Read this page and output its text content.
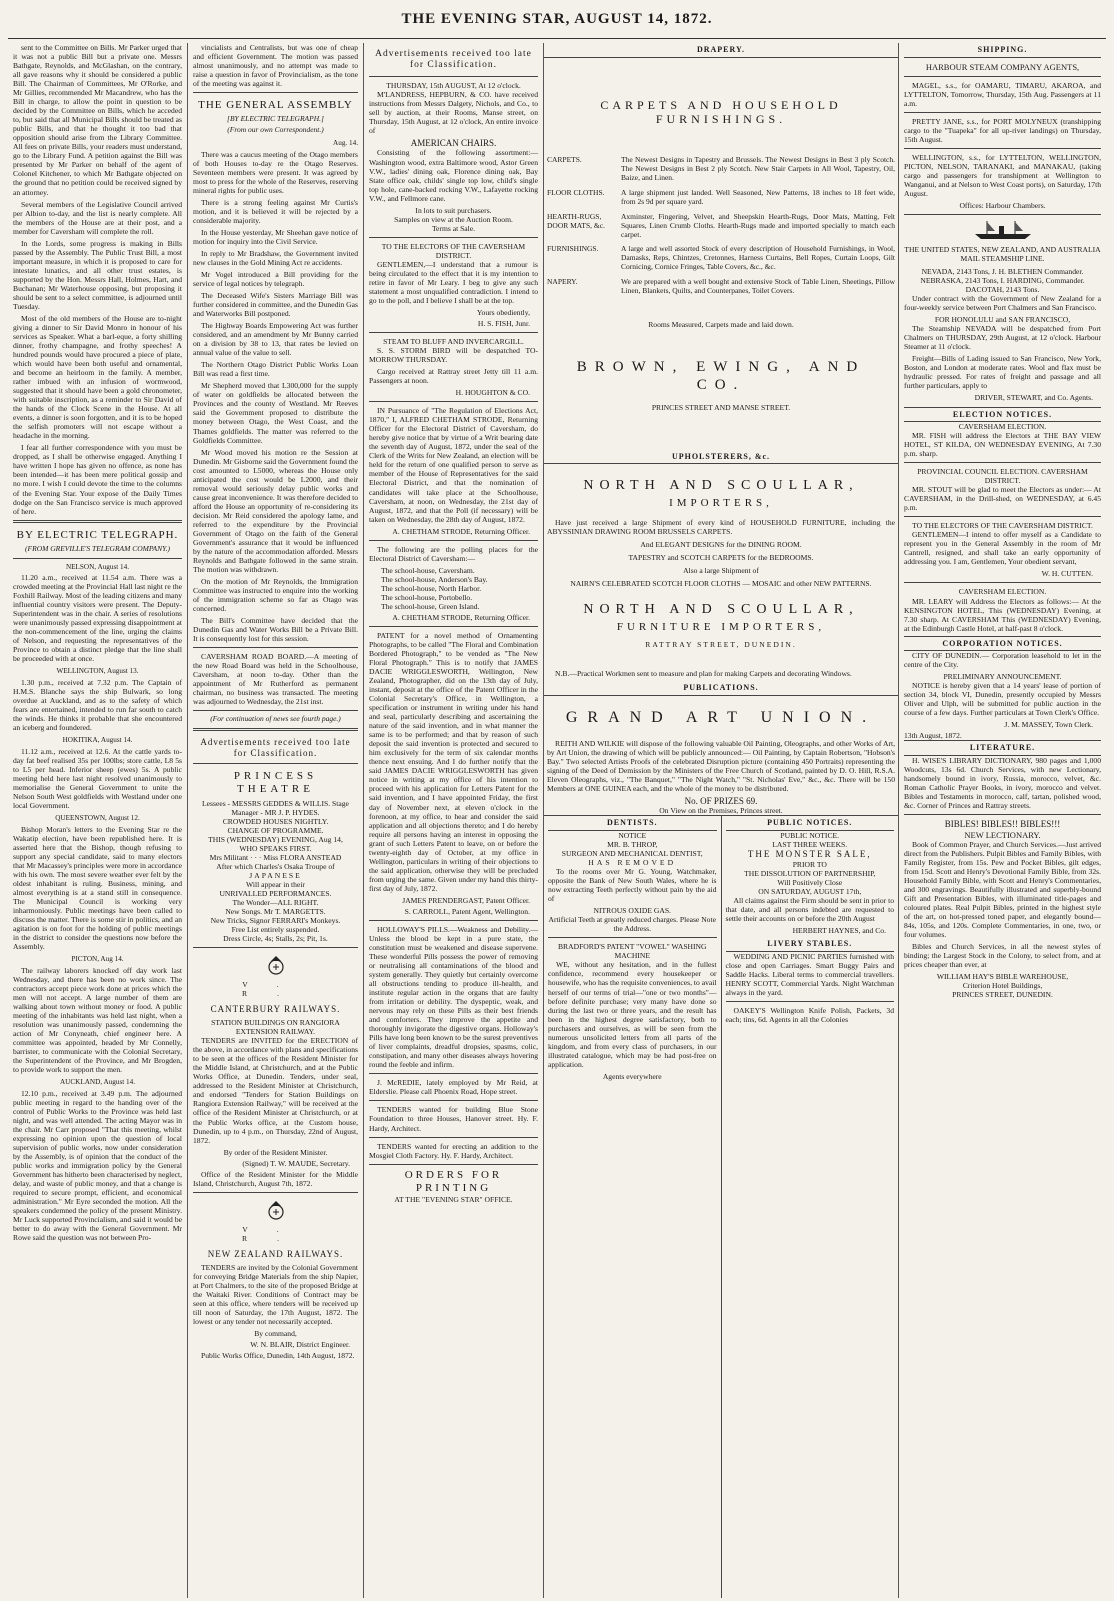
THE EVENING STAR, AUGUST 14, 1872.

sent to the Committee on Bills. Mr Parker urged that it was not a public Bill but a private one. Messrs Bathgate, Reynolds, and McGlashan, on the contrary, all gave reasons why it should be considered a public Bill. The Chairman of Committees, Mr O'Rorke, and Mr Gillies, recommended Mr Macandrew, who has the Bill in charge, to allow the point in question to be decided by the Committee on Bills, which he acceded to, but said that all Municipal Bills should be treated as public Bills, and that he thought it too bad that opposition should arise from the Library Committee. All fees on private Bills, your readers must understand, go to the Library Fund. A petition against the Bill was presented by Mr Parker on behalf of the agent of Colonel Kitchener, to which Mr Bathgate objected on the ground that no petition could be received signed by an attorney.

Several members of the Legislative Council arrived per Albion to-day, and the list is nearly complete. All the members of the House are at their post, and a member for Caversham will complete the roll.

In the Lords, some progress is making in Bills passed by the Assembly. The Public Trust Bill, a most important measure, in which it is proposed to care for intestate lunatics, and all other trust estates, is supported by the Hon. Messrs Hall, Holmes, Hart, and Buchanan; Mr Waterhouse opposing, but proposing it should be sent to a select committee, is adjourned until Tuesday.

Most of the old members of the House are to-night giving a dinner to Sir David Monro in honour of his services as Speaker. What a barl-eque, a forty shilling dinner, frothy champagne, and frothy speeches! A hundred pounds would have procured a piece of plate, which would have been both useful and ornamental, and become an heirloom in the family. A member, rather imbued with an infusion of wormwood, suggested that it should have been a gold chronometer, with suitable inscription, as a reminder to Sir David of the hands of the Clock Scene in the House. At all events, a dinner is soon forgotten, and it is to be hoped the selfish promoters will not escape without a headache in the morning.

I fear all further correspondence with you must be dropped, as I shall be otherwise engaged. Anything I have written I hope has given no offence, as none has been intended—it has been mere political gossip and no more. I wish I could devote the time to the columns of the Evening Star. Your expose of the Daily Times dodge on the San Francisco service is much approved of here.

BY ELECTRIC TELEGRAPH.
(FROM GREVILLE'S TELEGRAM COMPANY.)
NELSON, August 14.

11.20 a.m., received at 11.54 a.m. There was a crowded meeting at the Provincial Hall last night re the Foxhill Railway. Most of the leading citizens and many influential country visitors were present. The Deputy-Superintendent was in the chair. A series of resolutions were unanimously passed expressing disappointment at the non-commencement of the line, urging the claims of Nelson, and requesting the representatives of the Province to obtain a distinct pledge that the line shall be proceeded with at once.

WELLINGTON, August 13.

1.30 p.m., received at 7.32 p.m. The Captain of H.M.S. Blanche says the ship Bulwark, so long overdue at Auckland, and as to the safety of which fears are entertained, intended to run far south to catch the winds. He thinks it probable that she encountered an iceberg and foundered.

HOKITIKA, August 14.

11.12 a.m., received at 12.6. At the cattle yards to-day fat beef realised 35s per 100lbs; store cattle, L8 5s to L5 per head. Inferior sheep (ewes) 5s. A public meeting held here last night resolved unanimously to memorialise the General Government to unite the Nelson South West goldfields with Westland under one local Government.

QUEENSTOWN, August 12.

Bishop Moran's letters to the Evening Star re the Wakatip election, have been republished here. It is asserted here that the Bishop, though refusing to support any special candidate, said to many electors that Mr Macassey's principles were more in accordance with his own. The most severe weather ever felt by the oldest inhabitant is ruling. Business, mining, and almost everything is at a stand still in consequence. The Municipal Council is working very inharmoniously. Public meetings have been called to discuss the matter. There is some stir in politics, and an agitation is on foot for the holding of public meetings in the district to consider the questions now before the Assembly.

PICTON, Aug 14.

The railway laborers knocked off day work last Wednesday, and there has been no work since. The contractors accept piece work done at prices which the men will not accept. A large number of them are walking about town without money or food. A public meeting of the inhabitants was held last night, when a resolution was unanimously passed, condemning the action of Mr Conyneath, chief engineer here. A committee was appointed, headed by Mr Connelly, barrister, to communicate with the Colonial Secretary, the Superintendent of the Province, and Mr Brogden, to provide work to support the men.

AUCKLAND, August 14.

12.10 p.m., received at 3.49 p.m. The adjourned public meeting in regard to the handing over of the control of Public Works to the Province was held last night, and was well attended. The acting Mayor was in the chair. Mr Carr proposed "That this meeting, whilst expressing no opinion upon the question of local supervision of public works, now under consideration by the Assembly, is of opinion that the conduct of the public works and immigration policy by the General Government has hitherto been characterised by neglect, delay, and waste of public money, and that a change is required to secure prompt, efficient, and economical administration." Mr Eyre seconded the motion. All the speakers condemned the policy of the present Ministry. Mr Luck supported Provincialism, and said it would be better to do away with the General Government. Mr Rowe said the question was not between Pro-

vincialists and Centralists, but was one of cheap and efficient Government. The motion was passed almost unanimously, and no attempt was made to raise a question in favor of Provincialism, as the tone of the meeting was against it.

THE GENERAL ASSEMBLY
[BY ELECTRIC TELEGRAPH.]
(From our own Correspondent.)
Aug. 14.

There was a caucus meeting of the Otago members of both Houses to-day re the Otago Reserves. Seventeen members were present. It was agreed by most to press for the whole of the Reserves, reserving mineral rights for public uses.

There is a strong feeling against Mr Curtis's motion, and it is believed it will be rejected by a considerable majority.

In the House yesterday, Mr Sheehan gave notice of motion for inquiry into the Civil Service.

In reply to Mr Bradshaw, the Government invited new clauses in the Gold Mining Act re accidents.

Mr Vogel introduced a Bill providing for the service of legal notices by telegraph.

The Deceased Wife's Sisters Marriage Bill was further considered in committee, and the Dunedin Gas and Waterworks Bill postponed.

The Highway Boards Empowering Act was further considered, and an amendment by Mr Bunny carried on a division by 38 to 13, that rates be levied on annual value of the value to sell.

The Northern Otago District Public Works Loan Bill was read a first time.

Mr Shepherd moved that L300,000 for the supply of water on goldfields be allocated between the Provinces and the county of Westland. Mr Reeves said the Government proposed to distribute the money between Otago, the West Coast, and the Thames goldfields. The matter was referred to the Goldfields Committee.

Mr Wood moved his motion re the Session at Dunedin. Mr Gisborne said the Government found the cost amounted to L5000, whereas the House only anticipated the cost would be L2000, and their removal would seriously delay public works and cause great inconvenience. It was therefore decided to afford the House an opportunity of re-considering its decision. Mr Reid considered the apology lame, and referred to the expenditure by the Provincial Government of Otago on the faith of the General Government's assurance that it would be influenced by the nature of the accommodation afforded. Messrs Reynolds and Bathgate followed in the same strain. The motion was withdrawn.

On the motion of Mr Reynolds, the Immigration Committee was instructed to enquire into the working of the immigration scheme so far as Otago was concerned.

The Bill's Committee have decided that the Dunedin Gas and Water Works Bill be a Private Bill. It is consequently lost for this session.

CAVERSHAM ROAD BOARD.—A meeting of the new Road Board was held in the Schoolhouse, Caversham, at noon to-day. Other than the appointment of Mr Rutherford as permanent chairman, no business was transacted. The meeting was adjourned to Wednesday, the 21st inst.

(For continuation of news see fourth page.)
Advertisements received too late for Classification.
PRINCESS THEATRE
Lessees - MESSRS GEDDES & WILLIS. Stage Manager - MR J. P. HYDES.
CROWDED HOUSES NIGHTLY.
CHANGE OF PROGRAMME.
THIS (WEDNESDAY) EVENING, Aug 14,
WHO SPEAKS FIRST.
Mrs Militant · · · Miss FLORA ANSTEAD
After which Charles's Osaka Troupe of
JAPANESE
Will appear in their
UNRIVALLED PERFORMANCES.
The Wonder—ALL RIGHT.
New Songs. Mr T. MARGETTS.
New Tricks, Signor FERRARI's Monkeys.
Free List entirely suspended.
Dress Circle, 4s; Stalls, 2s; Pit, 1s.
V. R.
CANTERBURY RAILWAYS.
STATION BUILDINGS ON RANGIORA EXTENSION RAILWAY.

TENDERS are INVITED for the ERECTION of the above, in accordance with plans and specifications to be seen at the offices of the Resident Minister for the Middle Island, at Christchurch, and at the Public Works Office, at Dunedin. Tenders, under seal, addressed to the Resident Minister at Christchurch, and endorsed "Tenders for Station Buildings on Rangiora Extension Railway," will be received at the office of the Resident Minister at Christchurch, or at the Public Works office, at the Custom house, Dunedin, up to 4 p.m., on Thursday, 22nd of August, 1872.

By order of the Resident Minister.
(Signed) T. W. MAUDE, Secretary.

Office of the Resident Minister for the Middle Island, Christchurch, August 7th, 1872.

V. R.
NEW ZEALAND RAILWAYS.

TENDERS are invited by the Colonial Government for conveying Bridge Materials from the ship Napier, at Port Chalmers, to the site of the proposed Bridge at the Waitaki River. Conditions of Contract may be seen at this office, where tenders will be received up till noon of Saturday, the 17th August, 1872. The lowest or any tender not necessarily accepted.

By command,
W. N. BLAIR, District Engineer.

Public Works Office, Dunedin, 14th August, 1872.

Advertisements received too late for Classification.
THURSDAY, 15th AUGUST, At 12 o'clock.

M'LANDRESS, HEPBURN, & CO. have received instructions from Messrs Dalgety, Nichols, and Co., to sell by auction, at their Rooms, Manse street, on Thursday, 15th August, at 12 o'clock, An entire invoice of

AMERICAN CHAIRS.

Consisting of the following assortment:— Washington wood, extra Baltimore wood, Astor Green V.W., ladies' dining oak, Florence dining oak, Bay State office oak, childs' single top low, child's single top hole, cane-backed rocking V.W., Lafayette rocking V.W., and Fellmore cane.

In lots to suit purchasers.
Samples on view at the Auction Room.
Terms at Sale.
TO THE ELECTORS OF THE CAVERSHAM DISTRICT.

GENTLEMEN,—I understand that a rumour is being circulated to the effect that it is my intention to retire in favor of Mr Leary. I beg to give any such statement a most unqualified contradiction. I intend to go to the poll, and I believe I shall be at the top.

Yours obediently,
H. S. FISH, Junr.
STEAM TO BLUFF AND INVERCARGILL.

S. S. STORM BIRD will be despatched TO-MORROW THURSDAY.

Cargo received at Rattray street Jetty till 11 a.m. Passengers at noon.

H. HOUGHTON & CO.

IN Pursuance of "The Regulation of Elections Act, 1870," I, ALFRED CHETHAM STRODE, Returning Officer for the Electoral District of Caversham, do hereby give notice that by virtue of a Writ bearing date the seventh day of August, 1872, under the seal of the Clerk of the Writs for New Zealand, an election will be held for the return of one qualified person to serve as member of the House of Representatives for the said Electoral District, and that the nomination of candidates will take place at the Schoolhouse, Caversham, at noon, on Wednesday, the 21st day of August, 1872, and that the Poll (if necessary) will be taken on Wednesday, the 28th day of August, 1872.

A. CHETHAM STRODE, Returning Officer.

The following are the polling places for the Electoral District of Caversham:—

The school-house, Caversham.
The school-house, Anderson's Bay.
The school-house, North Harbor.
The school-house, Portobello.
The school-house, Green Island.
A. CHETHAM STRODE, Returning Officer.

PATENT for a novel method of Ornamenting Photographs, to be called "The Floral and Combination Bordered Photograph," to be vended as "The New Floral Photograph." This is to notify that JAMES DACIE WRIGGLESWORTH, Wellington, New Zealand, Photographer, did on the 13th day of July, instant, deposit at the office of the Patent Officer in the Colonial Secretary's Office, in Wellington, a specification or instrument in writing under his hand and seal, particularly describing and ascertaining the nature of the said invention, and in what manner the same is to be performed; and that by reason of such deposit the said invention is protected and secured to him exclusively for the term of six calendar months thence next ensuing. And I do further notify that the said JAMES DACIE WRIGGLESWORTH has given notice in writing at my office of his intention to proceed with his application for Letters Patent for the said invention, and I have appointed Friday, the first day of November next, at eleven o'clock in the forenoon, at my office, to hear and consider the said application and all objections thereto; and I do hereby require all persons having an interest in opposing the grant of such Letters Patent to leave, on or before the twenty-eighth day of October, at my office in Wellington, particulars in writing of their objections to the said application, otherwise they will be precluded from urging the same. Given under my hand this thirty-first day of July, 1872.

JAMES PRENDERGAST, Patent Officer.
S. CARROLL, Patent Agent, Wellington.

HOLLOWAY'S PILLS.—Weakness and Debility.—Unless the blood be kept in a pure state, the constitution must be weakened and disease supervene. These wonderful Pills possess the power of removing or neutralising all contaminations of the blood and system generally. They quietly but certainly overcome all obstructions tending to produce ill-health, and institute regular action in the organs that are faulty from irritation or debility. The dyspeptic, weak, and nervous may rely on these Pills as their best friends and comforters. They improve the appetite and thoroughly invigorate the digestive organs. Holloway's Pills have long been known to be the surest preventives of liver complaints, dreadful dropsies, spasms, colic, constipation, and many other diseases always hovering round the feeble and infirm.

J. McREDIE, lately employed by Mr Reid, at Elderslie. Please call Phoenix Road, Hope street.

TENDERS wanted for building Blue Stone Foundation to three Houses, Hanover street. Hy. F. Hardy, Architect.

TENDERS wanted for erecting an addition to the Mosgiel Cloth Factory. Hy. F. Hardy, Architect.

ORDERS FOR PRINTING
AT THE "EVENING STAR" OFFICE.
DRAPERY.
CARPETS AND HOUSEHOLD FURNISHINGS.
CARPETS.	The Newest Designs in Tapestry and Brussels. The Newest Designs in Best 3 ply Scotch. The Newest Designs in Best 2 ply Scotch. New Stair Carpets in All Wool, Tapestry, Oil, Baize, and Linen.
FLOOR CLOTHS.	A large shipment just landed. Well Seasoned, New Patterns, 18 inches to 18 feet wide, from 2s 9d per square yard.
HEARTH-RUGS, DOOR MATS, &c.
Axminster, Fingering, Velvet, and Sheepskin Hearth-Rugs, Door Mats, Matting, Felt Squares, Linen Crumb Cloths. Hearth-Rugs made and imported specially to match each carpet.
FURNISHINGS.	A large and well assorted Stock of every description of Household Furnishings, in Wool, Damasks, Reps, Chintzes, Cretonnes, Harness Curtains, Bell Ropes, Curtain Loops, Gilt Cornicing, Cornice Fringes, Table Covers, &c., &c.
NAPERY.	We are prepared with a well bought and extensive Stock of Table Linen, Sheetings, Pillow Linen, Blankets, Quilts, and Counterpanes, Toilet Covers.
Rooms Measured, Carpets made and laid down.
BROWN, EWING, AND CO.
PRINCES STREET AND MANSE STREET.
UPHOLSTERERS, &c.
NORTH AND SCOULLAR,
IMPORTERS,

Have just received a large Shipment of every kind of HOUSEHOLD FURNITURE, including the ABYSSINIAN DRAWING ROOM BRUSSELS CARPETS.

And ELEGANT DESIGNS for the DINING ROOM.
TAPESTRY and SCOTCH CARPETS for the BEDROOMS.
Also a large Shipment of
NAIRN'S CELEBRATED SCOTCH FLOOR CLOTHS — MOSAIC and other NEW PATTERNS.
NORTH AND SCOULLAR,
FURNITURE IMPORTERS,
RATTRAY STREET, DUNEDIN.

N.B.—Practical Workmen sent to measure and plan for making Carpets and decorating Windows.

PUBLICATIONS.
GRAND ART UNION.

REITH AND WILKIE will dispose of the following valuable Oil Painting, Oleographs, and other Works of Art, by Art Union, the drawing of which will be publicly announced:— Oil Painting, by Captain Robertson, "Hobson's Bay." Two selected Artists Proofs of the celebrated Disruption picture (containing 450 Portraits) representing the signing of the Deed of Demission by the Ministers of the Free Church of Scotland, painted by D. O. Hill, R.S.A. Eleven Oleographs, viz., "The Banquet," "The Night Watch," "St. Nicholas' Eve," &c., &c. There will be 150 Members at ONE GUINEA each, and the whole of the money to be distributed.

No. OF PRIZES 69.
On View on the Premises, Princes street.
DENTISTS.
NOTICE
MR. B. THROP,
SURGEON AND MECHANICAL DENTIST,
HAS REMOVED

To the rooms over Mr G. Young, Watchmaker, opposite the Bank of New South Wales, where he is now extracting Teeth perfectly without pain by the aid of

NITROUS OXIDE GAS.
Artificial Teeth at greatly reduced charges. Please Note the Address.
BRADFORD'S PATENT "VOWEL" WASHING MACHINE

WE, without any hesitation, and in the fullest confidence, recommend every housekeeper or housewife, who has the requisite conveniences, to avail herself of our terms of trial—"one or two months"—before definite purchase; very many have done so during the last two or three years, and the result has been in the highest degree satisfactory, both to purchasers and ourselves, as will be seen from the numerous unsolicited letters from all parts of the kingdom, and from every class of purchasers, in our illustrated catalogue, which may be had post-free on application.

Agents everywhere
PUBLIC NOTICES.
PUBLIC NOTICE.
LAST THREE WEEKS.
THE MONSTER SALE,
PRIOR TO
THE DISSOLUTION OF PARTNERSHIP,
Will Positively Close
ON SATURDAY, AUGUST 17th,

All claims against the Firm should be sent in prior to that date, and all persons indebted are requested to settle their accounts on or before the 20th August

HERBERT HAYNES, and Co.
LIVERY STABLES.

WEDDING AND PICNIC PARTIES furnished with close and open Carriages. Smart Buggy Pairs and Saddle Hacks. Liberal terms to commercial travellers. HENRY SCOTT, Commercial Yards. Night Watchman always in the yard.

OAKEY'S Wellington Knife Polish, Packets, 3d each; tins, 6d. Agents in all the Colonies

SHIPPING.
HARBOUR STEAM COMPANY AGENTS,

MAGEL, s.s., for OAMARU, TIMARU, AKAROA, and LYTTELTON, Tomorrow, Thursday, 15th Aug. Passengers at 11 a.m.

PRETTY JANE, s.s., for PORT MOLYNEUX (transhipping cargo to the "Tuapeka" for all up-river landings) on Thursday, 15th August.

WELLINGTON, s.s., for LYTTELTON, WELLINGTON, PICTON, NELSON, TARANAKI, and MANAKAU, (taking cargo and passengers for transhipment at Wellington to Wanganui, and at Nelson to West Coast ports), on Saturday, 17th August.

Offices: Harbour Chambers.
THE UNITED STATES, NEW ZEALAND, AND AUSTRALIA MAIL STEAMSHIP LINE.
NEVADA, 2143 Tons, J. H. BLETHEN Commander.
NEBRASKA, 2143 Tons, I. HARDING, Commander.
DACOTAH, 2143 Tons.

Under contract with the Government of New Zealand for a four-weekly service between Port Chalmers and San Francisco.

FOR HONOLULU and SAN FRANCISCO,

The Steamship NEVADA will be despatched from Port Chalmers on THURSDAY, 29th August, at 12 o'clock. Harbour Steamer at 11 o'clock.

Freight—Bills of Lading issued to San Francisco, New York, Boston, and London at moderate rates. Wool and flax must be hydraulic pressed. For rates of freight and passage and all further particulars, apply to

DRIVER, STEWART, and Co. Agents.
ELECTION NOTICES.
CAVERSHAM ELECTION.

MR. FISH will address the Electors at THE BAY VIEW HOTEL, ST KILDA, ON WEDNESDAY EVENING, At 7.30 p.m. sharp.

PROVINCIAL COUNCIL ELECTION. CAVERSHAM DISTRICT.

MR. STOUT will be glad to meet the Electors as under:— At CAVERSHAM, in the Drill-shed, on WEDNESDAY, at 6.45 p.m.

TO THE ELECTORS OF THE CAVERSHAM DISTRICT.

GENTLEMEN—I intend to offer myself as a Candidate to represent you in the General Assembly in the room of Mr Cantrell, resigned, and shall take an early opportunity of addressing you. I am, Gentlemen, Your obedient servant,

W. H. CUTTEN.
CAVERSHAM ELECTION.

MR. LEARY will Address the Electors as follows:— At the KENSINGTON HOTEL, This (WEDNESDAY) Evening, at 7.30 sharp. At CAVERSHAM This (WEDNESDAY) Evening, at the Edinburgh Castle Hotel, at half-past 8 o'clock.

CORPORATION NOTICES.

CITY OF DUNEDIN.— Corporation leasehold to let in the centre of the City.

PRELIMINARY ANNOUNCEMENT.

NOTICE is hereby given that a 14 years' lease of portion of section 34, block VI, Dunedin, presently occupied by Messrs Oliver and Ulph, will be submitted for public auction in the course of a few days. Further particulars at Town Clerk's Office.

J. M. MASSEY, Town Clerk.
13th August, 1872.
LITERATURE.

H. WISE'S LIBRARY DICTIONARY, 980 pages and 1,000 Woodcuts, 13s 6d. Church Services, with new Lectionary, handsomely bound in ivory, Russia, morocco, velvet, &c. Roman Catholic Prayer Books, in ivory, morocco and velvet. Bibles and Testaments in morocco, calf, tartan, polished wood, &c. Corner of Princes and Rattray streets.

BIBLES! BIBLES!! BIBLES!!!
NEW LECTIONARY.

Book of Common Prayer, and Church Services.—Just arrived direct from the Publishers. Pulpit Bibles and Family Bibles, with Family Register, from 15s. Pew and Pocket Bibles, gilt edges, from 15d. Scott and Henry's Devotional Family Bible, from 32s. Household Family Bible, with Scott and Henry's Commentaries, and 300 engravings. Beautifully illustrated and superbly-bound Gift and Presentation Bibles, with illuminated title-pages and coloured plates. Real Pulpit Bibles, printed in the highest style of the art, on hot-pressed toned paper, and elegantly bound—84s, 105s, and 120s. Complete Commentaries, in one, two, or four volumes.

Bibles and Church Services, in all the newest styles of binding; the Largest Stock in the Colony, to select from, and at prices cheaper than ever, at

WILLIAM HAY'S BIBLE WAREHOUSE,
Criterion Hotel Buildings,
PRINCES STREET, DUNEDIN.
